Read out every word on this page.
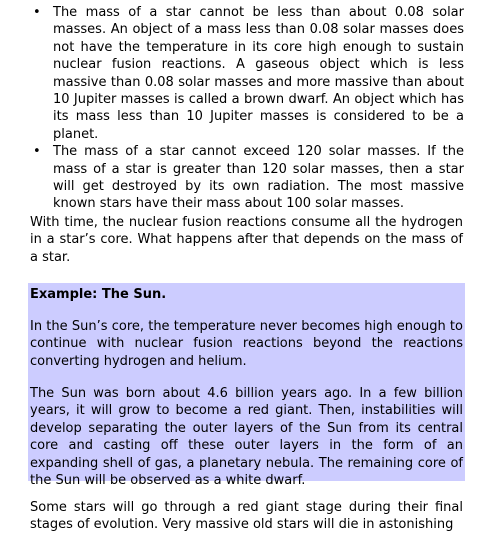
• The mass of a star cannot be less than about 0.08 solar masses. An object of a mass less than 0.08 solar masses does not have the temperature in its core high enough to sustain nuclear fusion reactions. A gaseous object which is less massive than 0.08 solar masses and more massive than about 10 Jupiter masses is called a brown dwarf. An object which has its mass less than 10 Jupiter masses is considered to be a planet.
• The mass of a star cannot exceed 120 solar masses. If the mass of a star is greater than 120 solar masses, then a star will get destroyed by its own radiation. The most massive known stars have their mass about 100 solar masses.

With time, the nuclear fusion reactions consume all the hydrogen in a star’s core. What happens after that depends on the mass of a star.

Example: The Sun.

In the Sun’s core, the temperature never becomes high enough to continue with nuclear fusion reactions beyond the reactions converting hydrogen and helium.

The Sun was born about 4.6 billion years ago. In a few billion years, it will grow to become a red giant. Then, instabilities will develop separating the outer layers of the Sun from its central core and casting off these outer layers in the form of an expanding shell of gas, a planetary nebula. The remaining core of the Sun will be observed as a white dwarf.

Some stars will go through a red giant stage during their final stages of evolution. Very massive old stars will die in astonishing
